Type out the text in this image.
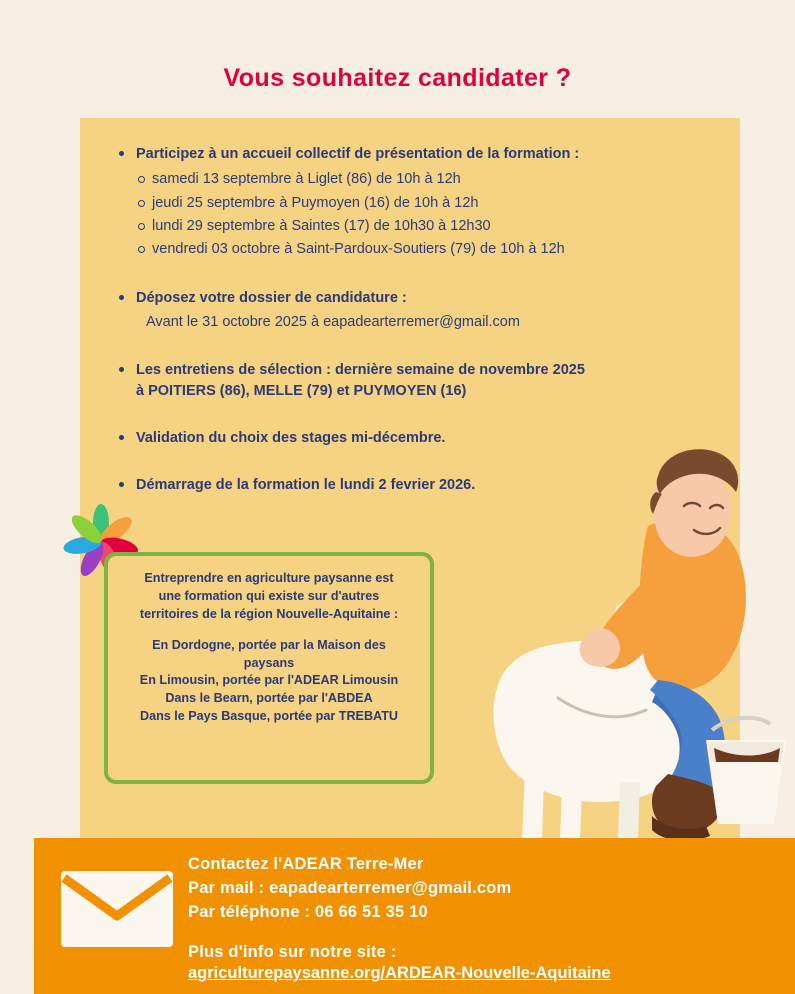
Vous souhaitez candidater ?
Participez à un accueil collectif de présentation de la formation :
samedi 13 septembre à Liglet (86) de 10h à 12h
jeudi 25 septembre à Puymoyen (16) de 10h à 12h
lundi 29 septembre à Saintes (17) de 10h30 à 12h30
vendredi 03 octobre à Saint-Pardoux-Soutiers (79) de 10h à 12h
Déposez votre dossier de candidature :
Avant le 31 octobre 2025 à eapadearterremer@gmail.com
Les entretiens de sélection : dernière semaine de novembre 2025
à POITIERS (86), MELLE (79) et PUYMOYEN (16)
Validation du choix des stages mi-décembre.
Démarrage de la formation le lundi 2 fevrier 2026.
Entreprendre en agriculture paysanne est
une formation qui existe sur d'autres
territoires de la région Nouvelle-Aquitaine :
En Dordogne, portée par la Maison des
paysans
En Limousin, portée par l'ADEAR Limousin
Dans le Bearn, portée par l'ABDEA
Dans le Pays Basque, portée par TREBATU
Contactez l'ADEAR Terre-Mer
Par mail : eapadearterremer@gmail.com
Par téléphone : 06 66 51 35 10
Plus d'info sur notre site :
agriculturepaysanne.org/ARDEAR-Nouvelle-Aquitaine
